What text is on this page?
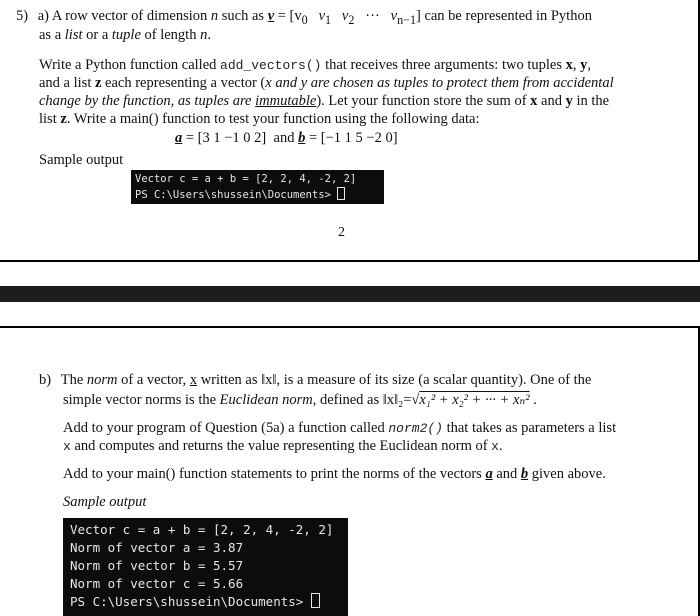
5) a) A row vector of dimension n such as $v = [v_0$ $v_1$ $v_2$ ··· $v_{n-1}$] can be represented in Python
as a list or a tuple of length n.
Write a Python function called add_vectors() that receives three arguments: two tuples x, y,
and a list z each representing a vector (x and y are chosen as tuples to protect them from accidental
change by the function, as tuples are immutable). Let your function store the sum of x and y in the
list z. Write a main() function to test your function using the following data:
a = [3 1 −1 0 2] and b = [−1 1 5 −2 0]
Sample output
Vector c = a + b = [2, 2, 4, -2, 2]
PS C:\Users\shussein\Documents>
2
b) The norm of a vector, x written as ‖x‖, is a measure of its size (a scalar quantity). One of the
simple vector norms is the Euclidean norm, defined as ‖x‖₂=√x₁² + x₂² + ··· + xₙ² .
Add to your program of Question (5a) a function called norm2() that takes as parameters a list
x and computes and returns the value representing the Euclidean norm of x.
Add to your main() function statements to print the norms of the vectors a and b given above.
Sample output
Vector c = a + b = [2, 2, 4, -2, 2]
Norm of vector a = 3.87
Norm of vector b = 5.57
Norm of vector c = 5.66
PS C:\Users\shussein\Documents>
